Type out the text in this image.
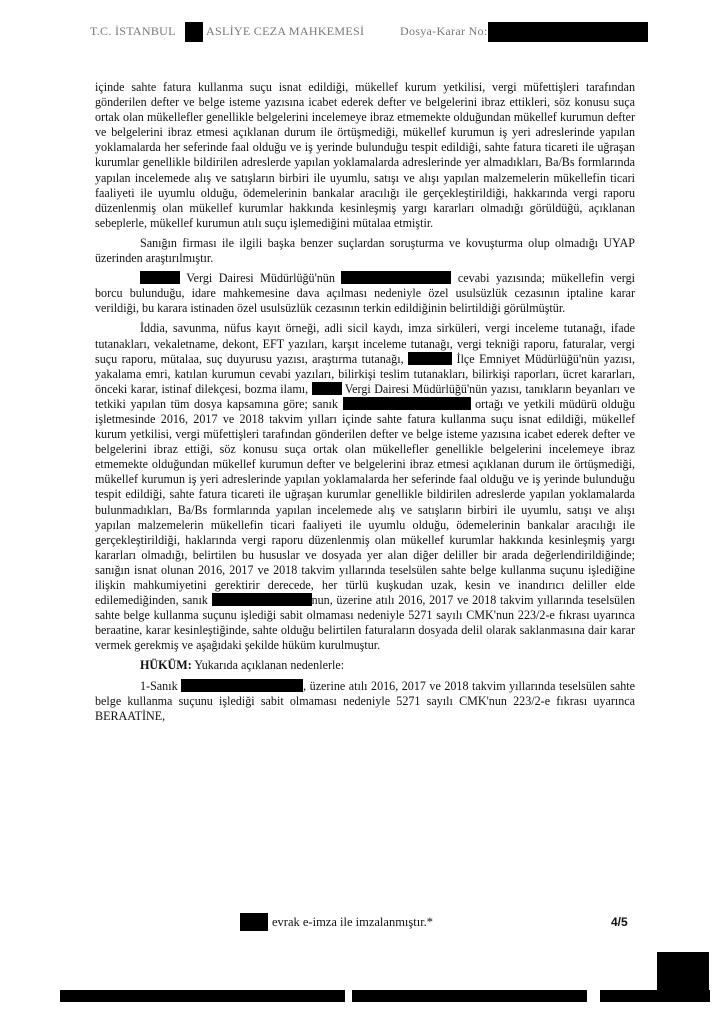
T.C. İSTANBUL	ASLİYE CEZA MAHKEMESİ	Dosya-Karar No:

içinde sahte fatura kullanma suçu isnat edildiği, mükellef kurum yetkilisi, vergi müfettişleri tarafından gönderilen defter ve belge isteme yazısına icabet ederek defter ve belgelerini ibraz ettikleri, söz konusu suça ortak olan mükellefler genellikle belgelerini incelemeye ibraz etmemekte olduğundan mükellef kurumun defter ve belgelerini ibraz etmesi açıklanan durum ile örtüşmediği, mükellef kurumun iş yeri adreslerinde yapılan yoklamalarda her seferinde faal olduğu ve iş yerinde bulunduğu tespit edildiği, sahte fatura ticareti ile uğraşan kurumlar genellikle bildirilen adreslerde yapılan yoklamalarda adreslerinde yer almadıkları, Ba/Bs formlarında yapılan incelemede alış ve satışların birbiri ile uyumlu, satışı ve alışı yapılan malzemelerin mükellefin ticari faaliyeti ile uyumlu olduğu, ödemelerinin bankalar aracılığı ile gerçekleştirildiği, hakkarında vergi raporu düzenlenmiş olan mükellef kurumlar hakkında kesinleşmiş yargı kararları olmadığı görüldüğü, açıklanan sebeplerle, mükellef kurumun atılı suçu işlemediğini mütalaa etmiştir.

Sanığın firması ile ilgili başka benzer suçlardan soruşturma ve kovuşturma olup olmadığı UYAP üzerinden araştırılmıştır.

Vergi Dairesi Müdürlüğü'nün	cevabi yazısında; mükellefin vergi borcu bulunduğu, idare mahkemesine dava açılması nedeniyle özel usulsüzlük cezasının iptaline karar verildiği, bu karara istinaden özel usulsüzlük cezasının terkin edildiğinin belirtildiği görülmüştür.

İddia, savunma, nüfus kayıt örneği, adli sicil kaydı, imza sirküleri, vergi inceleme tutanağı, ifade tutanakları, vekaletname, dekont, EFT yazıları, karşıt inceleme tutanağı, vergi tekniği raporu, faturalar, vergi suçu raporu, mütalaa, suç duyurusu yazısı, araştırma tutanağı,	İlçe Emniyet Müdürlüğü'nün yazısı, yakalama emri, katılan kurumun cevabi yazıları, bilirkişi teslim tutanakları, bilirkişi raporları, ücret kararları, önceki karar, istinaf dilekçesi, bozma ilamı,	Vergi Dairesi Müdürlüğü'nün yazısı, tanıkların beyanları ve tetkiki yapılan tüm dosya kapsamına göre; sanık	ortağı ve yetkili müdürü olduğu işletmesinde 2016, 2017 ve 2018 takvim yılları içinde sahte fatura kullanma suçu isnat edildiği, mükellef kurum yetkilisi, vergi müfettişleri tarafından gönderilen defter ve belge isteme yazısına icabet ederek defter ve belgelerini ibraz ettiği, söz konusu suça ortak olan mükellefler genellikle belgelerini incelemeye ibraz etmemekte olduğundan mükellef kurumun defter ve belgelerini ibraz etmesi açıklanan durum ile örtüşmediği, mükellef kurumun iş yeri adreslerinde yapılan yoklamalarda her seferinde faal olduğu ve iş yerinde bulunduğu tespit edildiği, sahte fatura ticareti ile uğraşan kurumlar genellikle bildirilen adreslerde yapılan yoklamalarda bulunmadıkları, Ba/Bs formlarında yapılan incelemede alış ve satışların birbiri ile uyumlu, satışı ve alışı yapılan malzemelerin mükellefin ticari faaliyeti ile uyumlu olduğu, ödemelerinin bankalar aracılığı ile gerçekleştirildiği, haklarında vergi raporu düzenlenmiş olan mükellef kurumlar hakkında kesinleşmiş yargı kararları olmadığı, belirtilen bu hususlar ve dosyada yer alan diğer deliller bir arada değerlendirildiğinde; sanığın isnat olunan 2016, 2017 ve 2018 takvim yıllarında teselsülen sahte belge kullanma suçunu işlediğine ilişkin mahkumiyetini gerektirir derecede, her türlü kuşkudan uzak, kesin ve inandırıcı deliller elde edilemediğinden, sanık	nun, üzerine atılı 2016, 2017 ve 2018 takvim yıllarında teselsülen sahte belge kullanma suçunu işlediği sabit olmaması nedeniyle 5271 sayılı CMK'nun 223/2-e fıkrası uyarınca beraatine, karar kesinleştiğinde, sahte olduğu belirtilen faturaların dosyada delil olarak saklanmasına dair karar vermek gerekmiş ve aşağıdaki şekilde hüküm kurulmuştur.

HÜKÜM: Yukarıda açıklanan nedenlerle:

1-Sanık	, üzerine atılı 2016, 2017 ve 2018 takvim yıllarında teselsülen sahte belge kullanma suçunu işlediği sabit olmaması nedeniyle 5271 sayılı CMK'nun 223/2-e fıkrası uyarınca BERAATİNE,

evrak e-imza ile imzalanmıştır.*	4/5
